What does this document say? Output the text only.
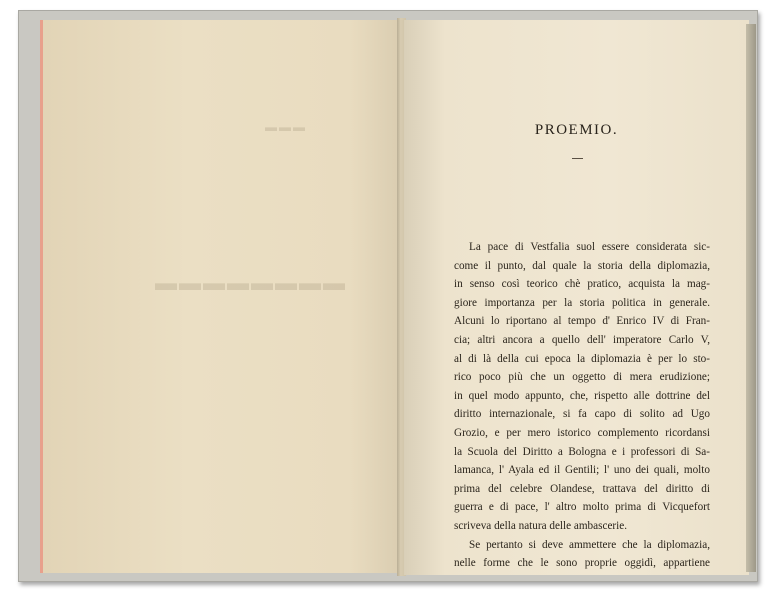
▬▬▬▬▬▬▬▬
▬▬▬	PROEMIO.
La pace di Vestfalia suol essere considerata sic-
come il punto, dal quale la storia della diplomazia,
in senso così teorico chè pratico, acquista la mag-
giore importanza per la storia politica in generale.
Alcuni lo riportano al tempo d' Enrico IV di Fran-
cia; altri ancora a quello dell' imperatore Carlo V,
al di là della cui epoca la diplomazia è per lo sto-
rico poco più che un oggetto di mera erudizione;
in quel modo appunto, che, rispetto alle dottrine del
diritto internazionale, si fa capo di solito ad Ugo
Grozio, e per mero istorico complemento ricordansi
la Scuola del Diritto a Bologna e i professori di Sa-
lamanca, l' Ayala ed il Gentili; l' uno dei quali, molto
prima del celebre Olandese, trattava del diritto di
guerra e di pace, l' altro molto prima di Vicquefort
scriveva della natura delle ambascerie.
Se pertanto si deve ammettere che la diplomazia,
nelle forme che le sono proprie oggidì, appartiene
